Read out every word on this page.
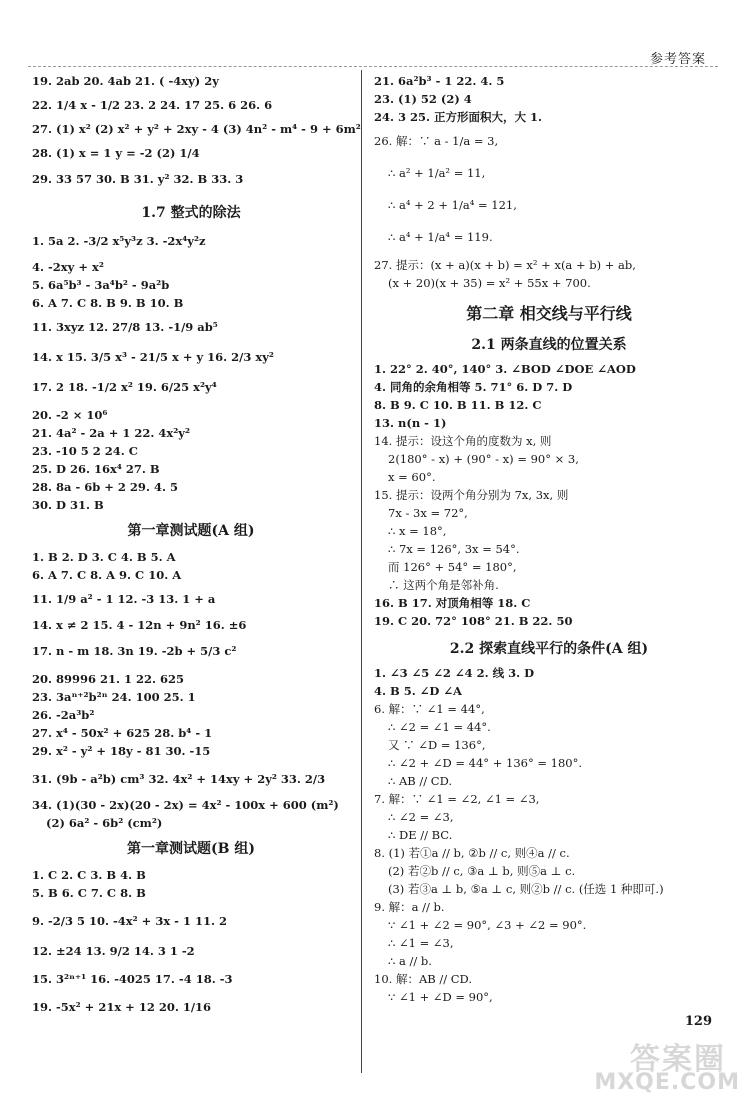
参考答案
19. 2ab 20. 4ab 21. ( -4xy) 2y
22. 1/4 x - 1/2 23. 2 24. 17 25. 6 26. 6
27. (1) x² (2) x² + y² + 2xy - 4 (3) 4n² - m⁴ - 9 + 6m²
28. (1) x = 1 y = -2 (2) 1/4
29. 33 57 30. B 31. y² 32. B 33. 3
1.7 整式的除法
1. 5a 2. -3/2 x⁵y³z 3. -2x⁴y²z
4. -2xy + x²
5. 6a⁵b³ - 3a⁴b² - 9a²b
6. A 7. C 8. B 9. B 10. B
11. 3xyz 12. 27/8 13. -1/9 ab⁵
14. x 15. 3/5 x³ - 21/5 x + y 16. 2/3 xy²
17. 2 18. -1/2 x² 19. 6/25 x²y⁴
20. -2 × 10⁶
21. 4a² - 2a + 1 22. 4x²y²
23. -10 5 2 24. C
25. D 26. 16x⁴ 27. B
28. 8a - 6b + 2 29. 4. 5
30. D 31. B
第一章测试题(A 组)
1. B 2. D 3. C 4. B 5. A
6. A 7. C 8. A 9. C 10. A
11. 1/9 a² - 1 12. -3 13. 1 + a
14. x ≠ 2 15. 4 - 12n + 9n² 16. ±6
17. n - m 18. 3n 19. -2b + 5/3 c²
20. 89996 21. 1 22. 625
23. 3aⁿ⁺²b²ⁿ 24. 100 25. 1
26. -2a³b²
27. x⁴ - 50x² + 625 28. b⁴ - 1
29. x² - y² + 18y - 81 30. -15
31. (9b - a²b) cm³ 32. 4x² + 14xy + 2y² 33. 2/3
34. (1)(30 - 2x)(20 - 2x) = 4x² - 100x + 600 (m²)
(2) 6a² - 6b² (cm²)
第一章测试题(B 组)
1. C 2. C 3. B 4. B
5. B 6. C 7. C 8. B
9. -2/3 5 10. -4x² + 3x - 1 11. 2
12. ±24 13. 9/2 14. 3 1 -2
15. 3²ⁿ⁺¹ 16. -4025 17. -4 18. -3
19. -5x² + 21x + 12 20. 1/16
21. 6a²b³ - 1 22. 4. 5
23. (1) 52 (2) 4
24. 3 25. 正方形面积大，大 1.
26. 解：∵ a - 1/a = 3,
∴ a² + 1/a² = 11,
∴ a⁴ + 2 + 1/a⁴ = 121,
∴ a⁴ + 1/a⁴ = 119.
27. 提示：(x + a)(x + b) = x² + x(a + b) + ab,
(x + 20)(x + 35) = x² + 55x + 700.
第二章 相交线与平行线
2.1 两条直线的位置关系
1. 22° 2. 40°, 140° 3. ∠BOD ∠DOE ∠AOD
4. 同角的余角相等 5. 71° 6. D 7. D
8. B 9. C 10. B 11. B 12. C
13. n(n - 1)
14. 提示：设这个角的度数为 x, 则
2(180° - x) + (90° - x) = 90° × 3,
x = 60°.
15. 提示：设两个角分别为 7x, 3x, 则
7x - 3x = 72°,
∴ x = 18°,
∴ 7x = 126°, 3x = 54°.
而 126° + 54° = 180°,
∴ 这两个角是邻补角.
16. B 17. 对顶角相等 18. C
19. C 20. 72° 108° 21. B 22. 50
2.2 探索直线平行的条件(A 组)
1. ∠3 ∠5 ∠2 ∠4 2. 线 3. D
4. B 5. ∠D ∠A
6. 解：∵ ∠1 = 44°,
∴ ∠2 = ∠1 = 44°.
又 ∵ ∠D = 136°,
∴ ∠2 + ∠D = 44° + 136° = 180°.
∴ AB // CD.
7. 解：∵ ∠1 = ∠2, ∠1 = ∠3,
∴ ∠2 = ∠3,
∴ DE // BC.
8. (1) 若①a // b, ②b // c, 则④a // c.
(2) 若②b // c, ③a ⊥ b, 则⑤a ⊥ c.
(3) 若③a ⊥ b, ⑤a ⊥ c, 则②b // c. (任选 1 种即可.)
9. 解：a // b.
∵ ∠1 + ∠2 = 90°, ∠3 + ∠2 = 90°.
∴ ∠1 = ∠3,
∴ a // b.
10. 解：AB // CD.
∵ ∠1 + ∠D = 90°,
129
答案圈
MXQE.COM
